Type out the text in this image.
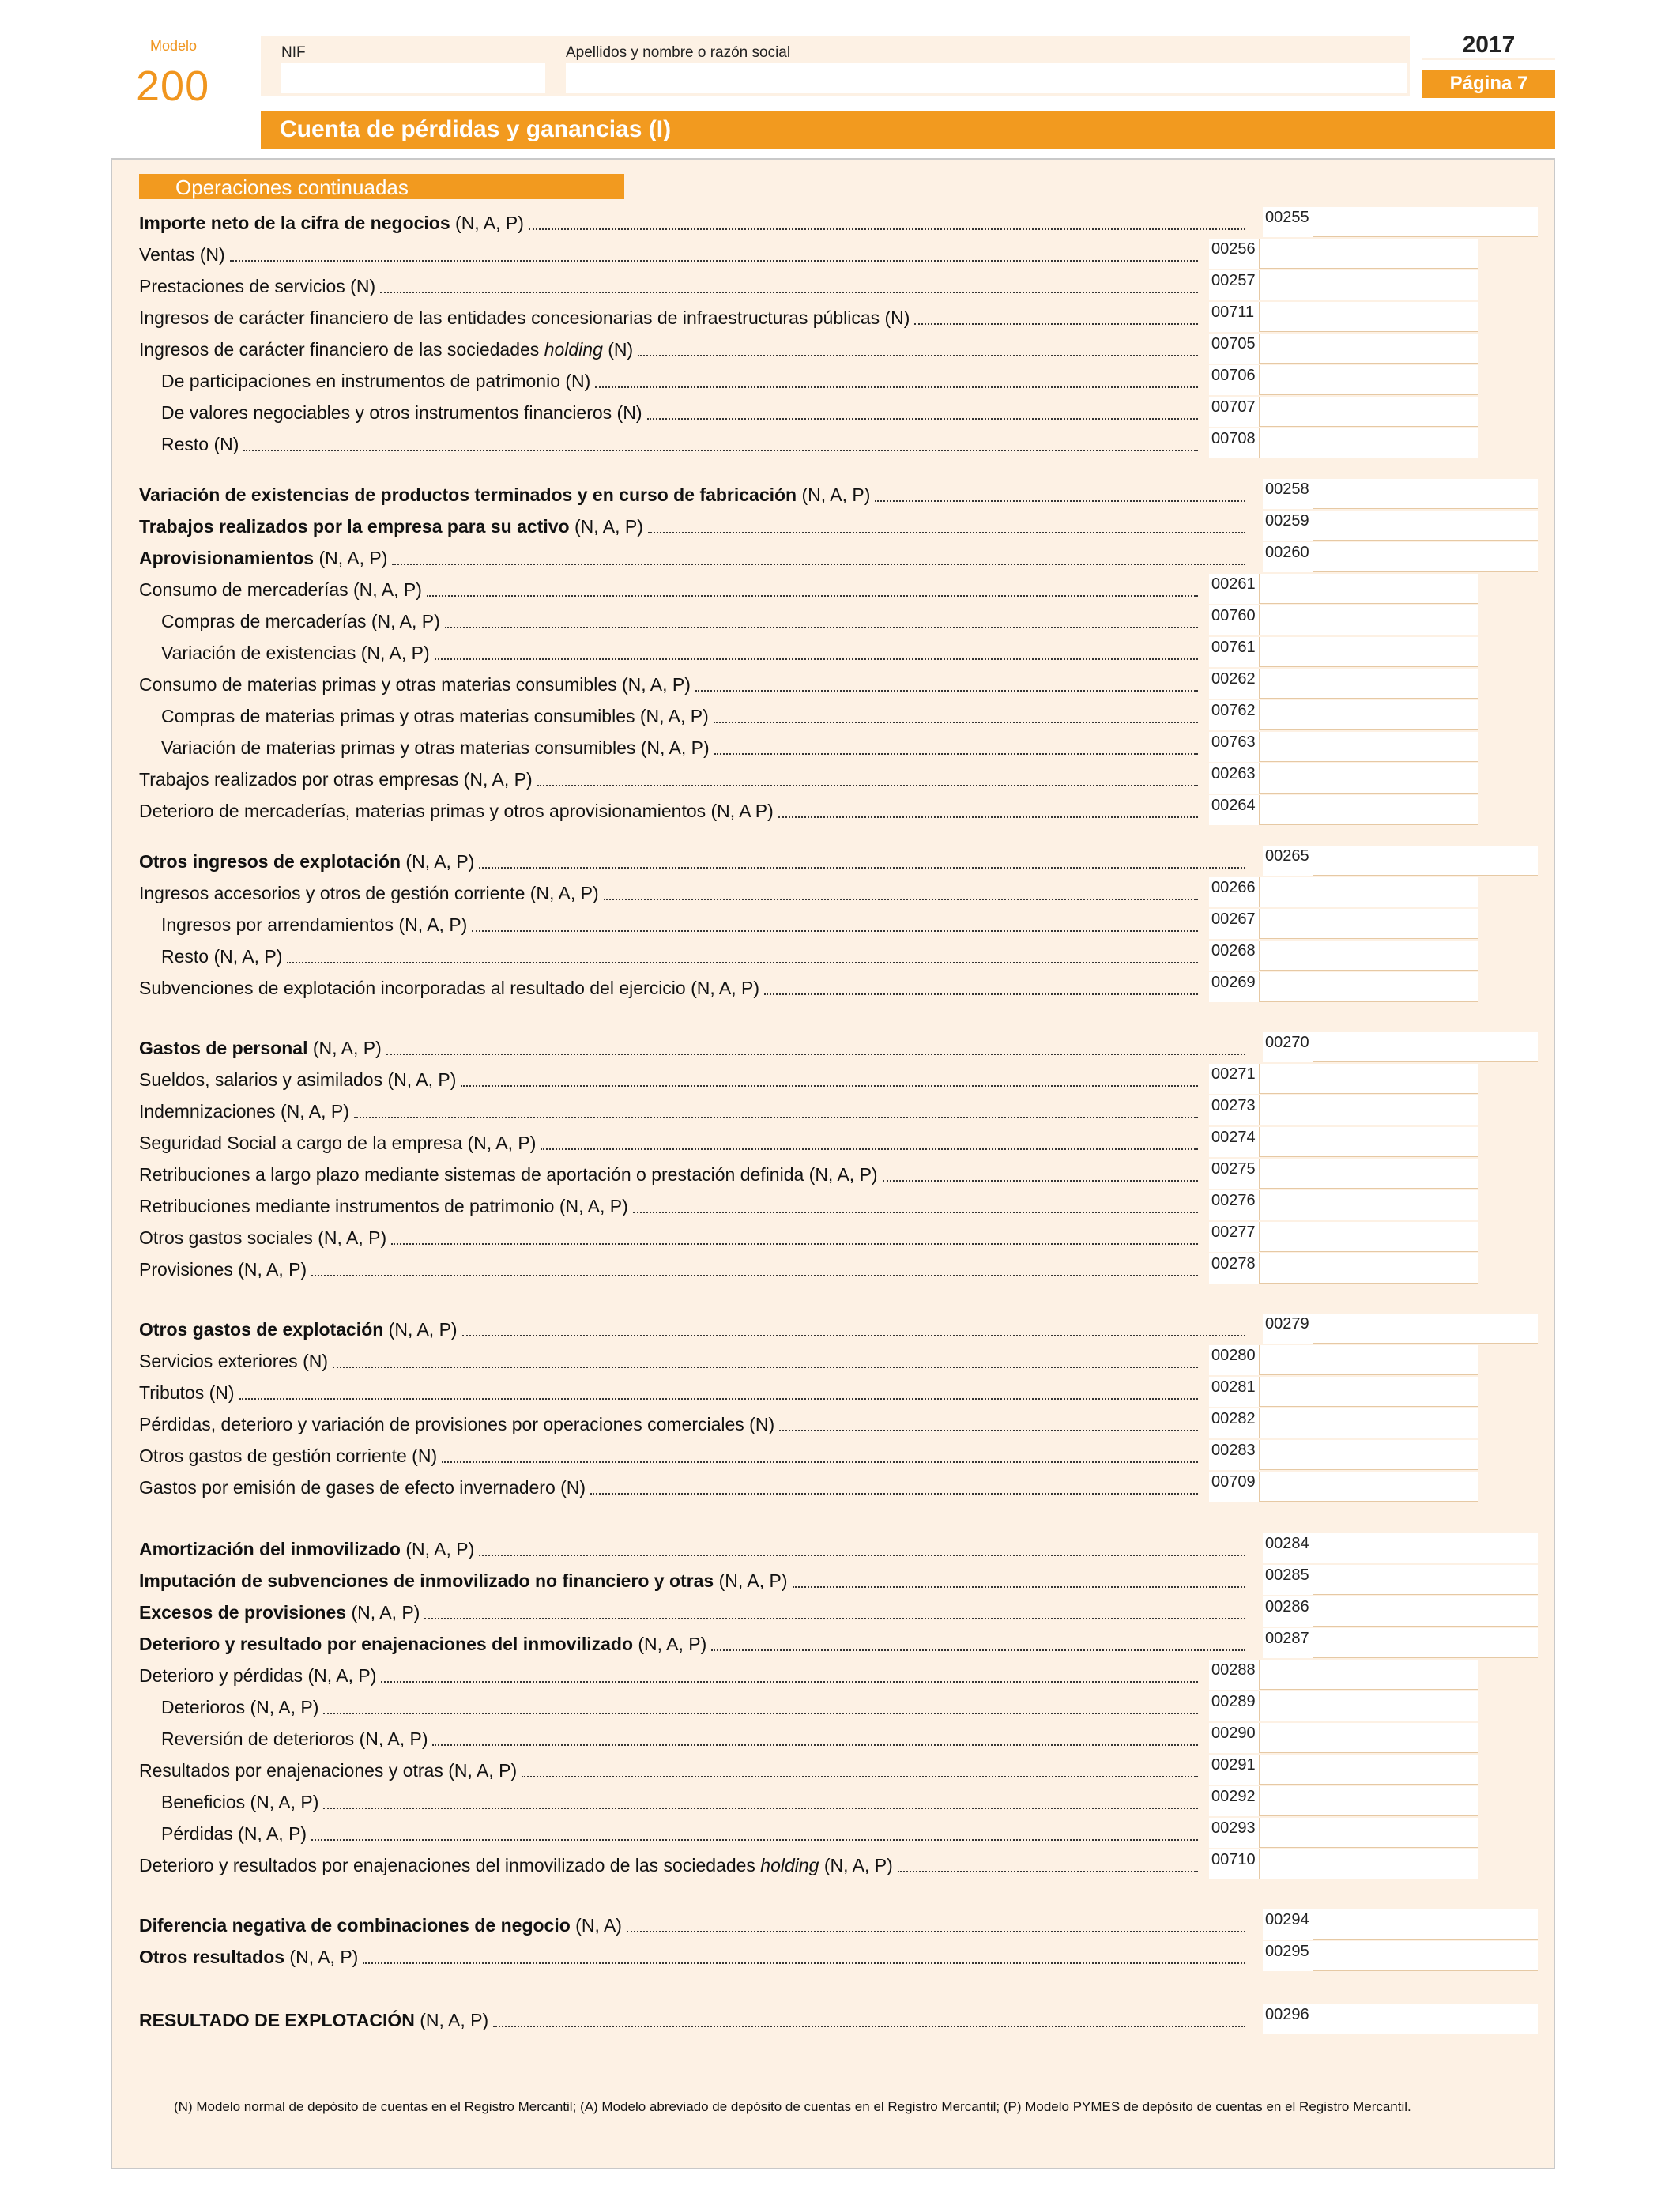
Modelo
200
NIF	Apellidos y nombre o razón social	2017
Página 7
Cuenta de pérdidas y ganancias (I)
Operaciones continuadas
Importe neto de la cifra de negocios (N, A, P)	00255
Ventas (N)	00256
Prestaciones de servicios (N)	00257
Ingresos de carácter financiero de las entidades concesionarias de infraestructuras públicas (N)	00711
Ingresos de carácter financiero de las sociedades holding (N)	00705
De participaciones en instrumentos de patrimonio (N)	00706
De valores negociables y otros instrumentos financieros (N)	00707
Resto (N)	00708
Variación de existencias de productos terminados y en curso de fabricación (N, A, P)	00258
Trabajos realizados por la empresa para su activo (N, A, P)	00259
Aprovisionamientos (N, A, P)	00260
Consumo de mercaderías (N, A, P)	00261
Compras de mercaderías (N, A, P)	00760
Variación de existencias (N, A, P)	00761
Consumo de materias primas y otras materias consumibles (N, A, P)	00262
Compras de materias primas y otras materias consumibles (N, A, P)	00762
Variación de materias primas y otras materias consumibles (N, A, P)	00763
Trabajos realizados por otras empresas (N, A, P)	00263
Deterioro de mercaderías, materias primas y otros aprovisionamientos (N, A P)	00264
Otros ingresos de explotación (N, A, P)	00265
Ingresos accesorios y otros de gestión corriente (N, A, P)	00266
Ingresos por arrendamientos (N, A, P)	00267
Resto (N, A, P)	00268
Subvenciones de explotación incorporadas al resultado del ejercicio (N, A, P)	00269
Gastos de personal (N, A, P)	00270
Sueldos, salarios y asimilados (N, A, P)	00271
Indemnizaciones (N, A, P)	00273
Seguridad Social a cargo de la empresa (N, A, P)	00274
Retribuciones a largo plazo mediante sistemas de aportación o prestación definida (N, A, P)	00275
Retribuciones mediante instrumentos de patrimonio (N, A, P)	00276
Otros gastos sociales (N, A, P)	00277
Provisiones (N, A, P)	00278
Otros gastos de explotación (N, A, P)	00279
Servicios exteriores (N)	00280
Tributos (N)	00281
Pérdidas, deterioro y variación de provisiones por operaciones comerciales (N)	00282
Otros gastos de gestión corriente (N)	00283
Gastos por emisión de gases de efecto invernadero (N)	00709
Amortización del inmovilizado (N, A, P)	00284
Imputación de subvenciones de inmovilizado no financiero y otras (N, A, P)	00285
Excesos de provisiones (N, A, P)	00286
Deterioro y resultado por enajenaciones del inmovilizado (N, A, P)	00287
Deterioro y pérdidas (N, A, P)	00288
Deterioros (N, A, P)	00289
Reversión de deterioros (N, A, P)	00290
Resultados por enajenaciones y otras (N, A, P)	00291
Beneficios (N, A, P)	00292
Pérdidas (N, A, P)	00293
Deterioro y resultados por enajenaciones del inmovilizado de las sociedades holding (N, A, P)	00710
Diferencia negativa de combinaciones de negocio (N, A)	00294
Otros resultados (N, A, P)	00295
RESULTADO DE EXPLOTACIÓN (N, A, P)	00296
(N) Modelo normal de depósito de cuentas en el Registro Mercantil; (A) Modelo abreviado de depósito de cuentas en el Registro Mercantil; (P) Modelo PYMES de depósito de cuentas en el Registro Mercantil.
